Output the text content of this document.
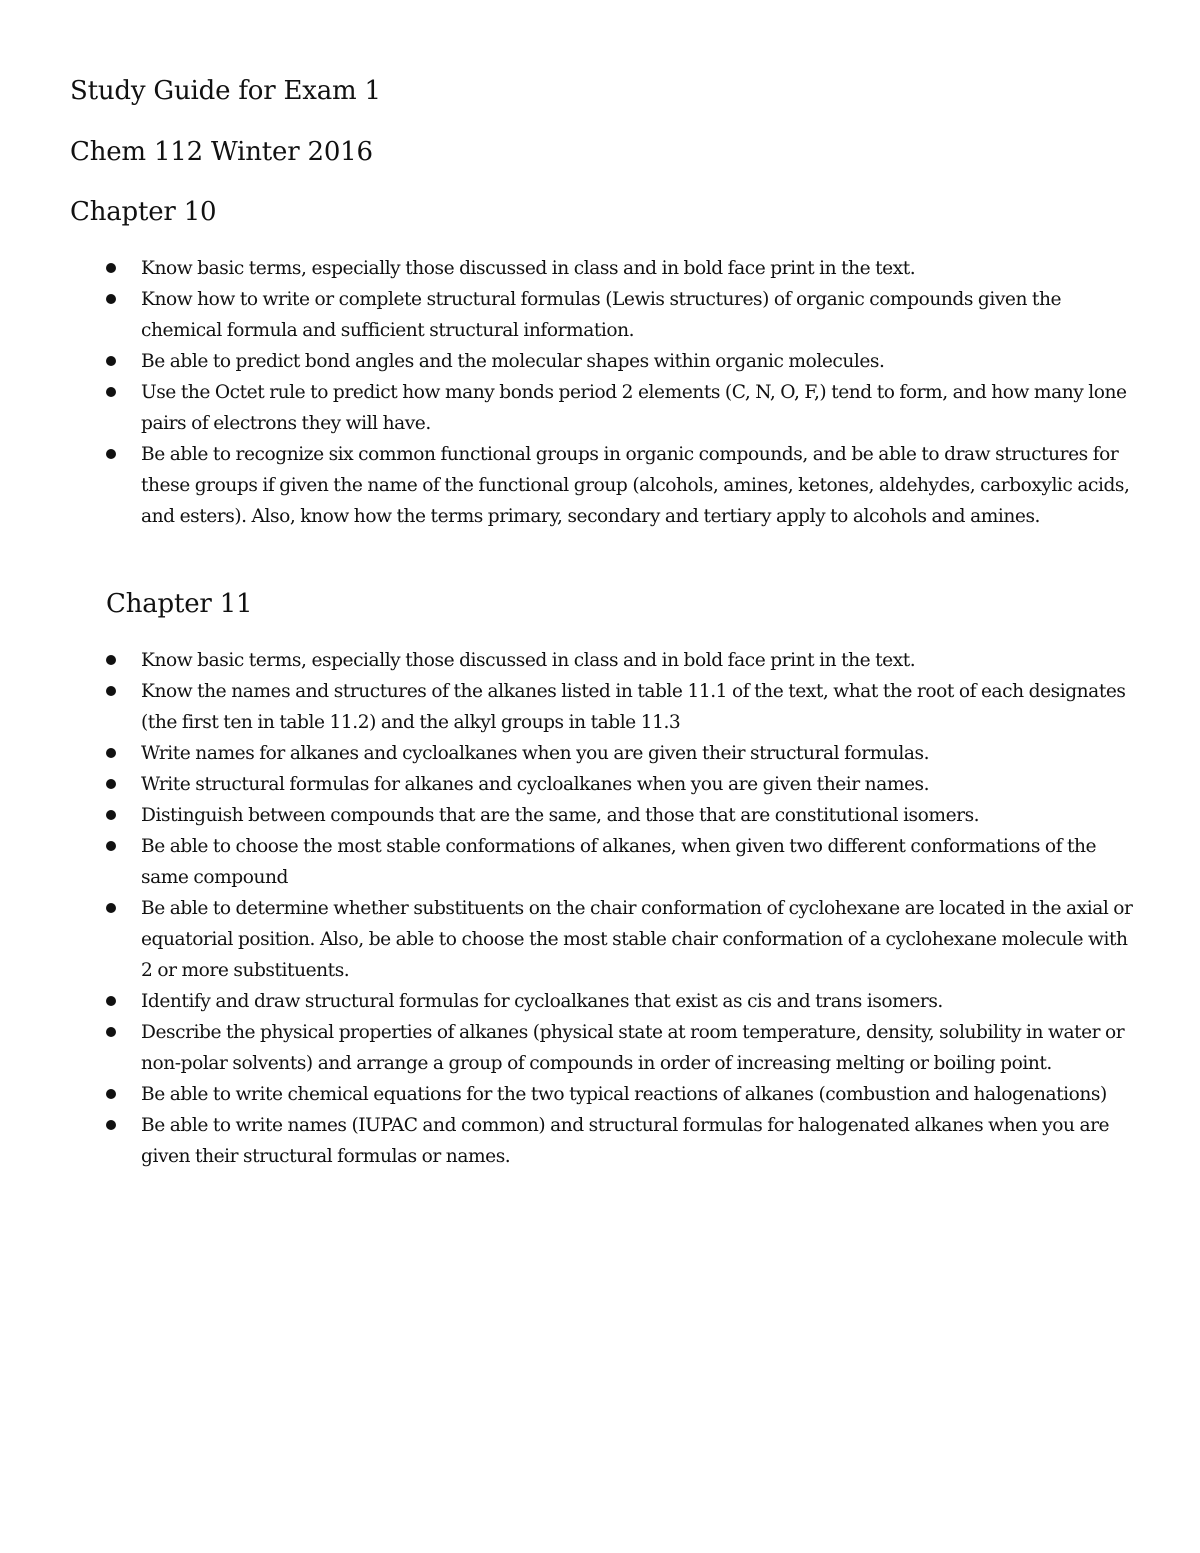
Study Guide for Exam 1
Chem 112 Winter 2016
Chapter 10
Know basic terms, especially those discussed in class and in bold face print in the text.
Know how to write or complete structural formulas (Lewis structures) of organic compounds given the chemical formula and sufficient structural information.
Be able to predict bond angles and the molecular shapes within organic molecules.
Use the Octet rule to predict how many bonds period 2 elements (C, N, O, F,) tend to form, and how many lone pairs of electrons they will have.
Be able to recognize six common functional groups in organic compounds, and be able to draw structures for these groups if given the name of the functional group (alcohols, amines, ketones, aldehydes, carboxylic acids, and esters). Also, know how the terms primary, secondary and tertiary apply to alcohols and amines.
Chapter 11
Know basic terms, especially those discussed in class and in bold face print in the text.
Know the names and structures of the alkanes listed in table 11.1 of the text, what the root of each designates (the first ten in table 11.2) and the alkyl groups in table 11.3
Write names for alkanes and cycloalkanes when you are given their structural formulas.
Write structural formulas for alkanes and cycloalkanes when you are given their names.
Distinguish between compounds that are the same, and those that are constitutional isomers.
Be able to choose the most stable conformations of alkanes, when given two different conformations of the same compound
Be able to determine whether substituents on the chair conformation of cyclohexane are located in the axial or equatorial position. Also, be able to choose the most stable chair conformation of a cyclohexane molecule with 2 or more substituents.
Identify and draw structural formulas for cycloalkanes that exist as cis and trans isomers.
Describe the physical properties of alkanes (physical state at room temperature, density, solubility in water or non-polar solvents) and arrange a group of compounds in order of increasing melting or boiling point.
Be able to write chemical equations for the two typical reactions of alkanes (combustion and halogenations)
Be able to write names (IUPAC and common) and structural formulas for halogenated alkanes when you are given their structural formulas or names.
